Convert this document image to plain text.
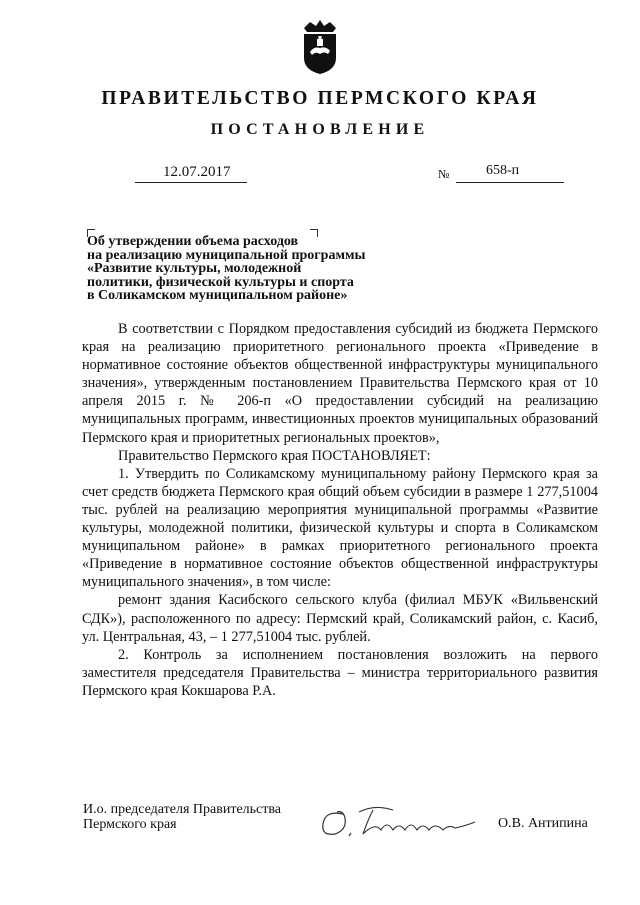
ПРАВИТЕЛЬСТВО ПЕРМСКОГО КРАЯ
ПОСТАНОВЛЕНИЕ
12.07.2017	№	658-п
Об утверждении объема расходов
на реализацию муниципальной программы
«Развитие культуры, молодежной
политики, физической культуры и спорта
в Соликамском муниципальном районе»

В соответствии с Порядком предоставления субсидий из бюджета Пермского края на реализацию приоритетного регионального проекта «Приведение в нормативное состояние объектов общественной инфраструктуры муниципального значения», утвержденным постановлением Правительства Пермского края от 10 апреля 2015 г. № 206-п «О предоставлении субсидий на реализацию муниципальных программ, инвестиционных проектов муниципальных образований Пермского края и приоритетных региональных проектов»,

Правительство Пермского края ПОСТАНОВЛЯЕТ:

1. Утвердить по Соликамскому муниципальному району Пермского края за счет средств бюджета Пермского края общий объем субсидии в размере 1 277,51004 тыс. рублей на реализацию мероприятия муниципальной программы «Развитие культуры, молодежной политики, физической культуры и спорта в Соликамском муниципальном районе» в рамках приоритетного регионального проекта «Приведение в нормативное состояние объектов общественной инфраструктуры муниципального значения», в том числе:

ремонт здания Касибского сельского клуба (филиал МБУК «Вильвенский СДК»), расположенного по адресу: Пермский край, Соликамский район, с. Касиб, ул. Центральная, 43, – 1 277,51004 тыс. рублей.

2. Контроль за исполнением постановления возложить на первого заместителя председателя Правительства – министра территориального развития Пермского края Кокшарова Р.А.

И.о. председателя Правительства
Пермского края	О.В. Антипина
